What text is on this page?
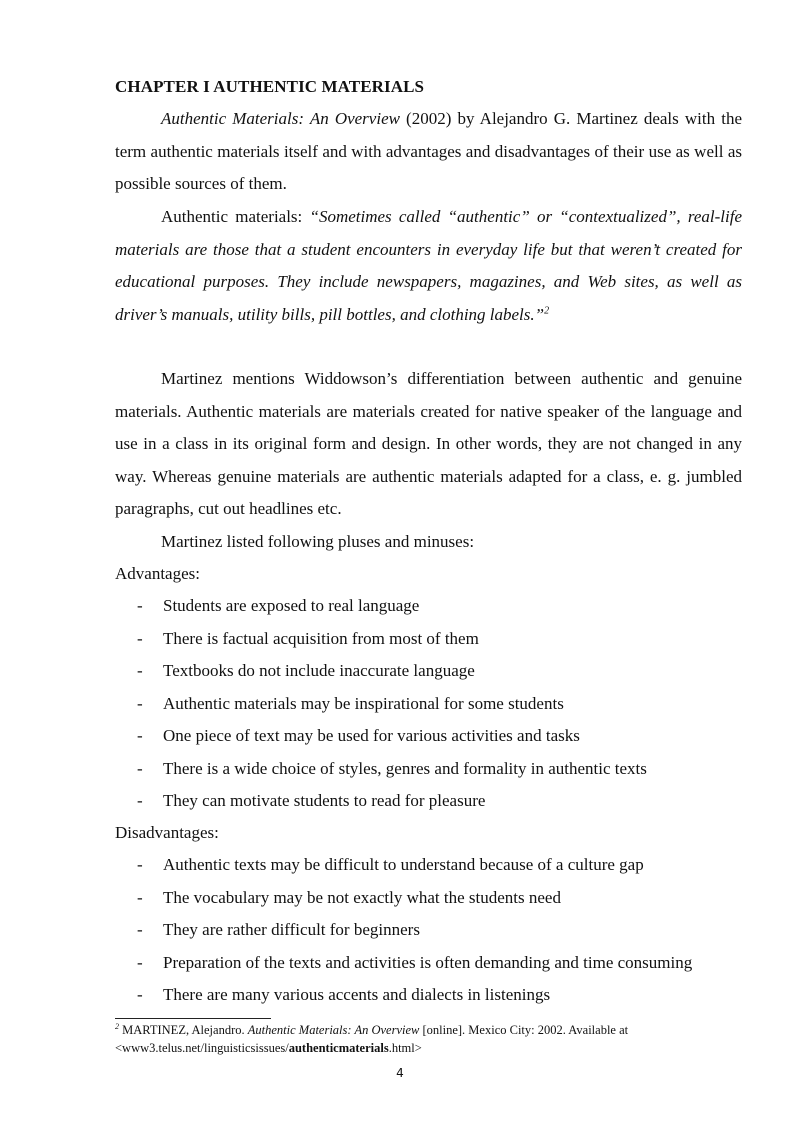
CHAPTER I AUTHENTIC MATERIALS

Authentic Materials: An Overview (2002) by Alejandro G. Martinez deals with the term authentic materials itself and with advantages and disadvantages of their use as well as possible sources of them.

Authentic materials: “Sometimes called “authentic” or “contextualized”, real-life materials are those that a student encounters in everyday life but that weren’t created for educational purposes. They include newspapers, magazines, and Web sites, as well as driver’s manuals, utility bills, pill bottles, and clothing labels.”$^2$

Martinez mentions Widdowson’s differentiation between authentic and genuine materials. Authentic materials are materials created for native speaker of the language and use in a class in its original form and design. In other words, they are not changed in any way. Whereas genuine materials are authentic materials adapted for a class, e. g. jumbled paragraphs, cut out headlines etc.

Martinez listed following pluses and minuses:
Advantages:
- Students are exposed to real language
- There is factual acquisition from most of them
- Textbooks do not include inaccurate language
- Authentic materials may be inspirational for some students
- One piece of text may be used for various activities and tasks
- There is a wide choice of styles, genres and formality in authentic texts
- They can motivate students to read for pleasure
Disadvantages:
- Authentic texts may be difficult to understand because of a culture gap
- The vocabulary may be not exactly what the students need
- They are rather difficult for beginners
- Preparation of the texts and activities is often demanding and time consuming
- There are many various accents and dialects in listenings
$^2$ MARTINEZ, Alejandro. Authentic Materials: An Overview [online]. Mexico City: 2002. Available at
<www3.telus.net/linguisticsissues/authenticmaterials.html>
4
